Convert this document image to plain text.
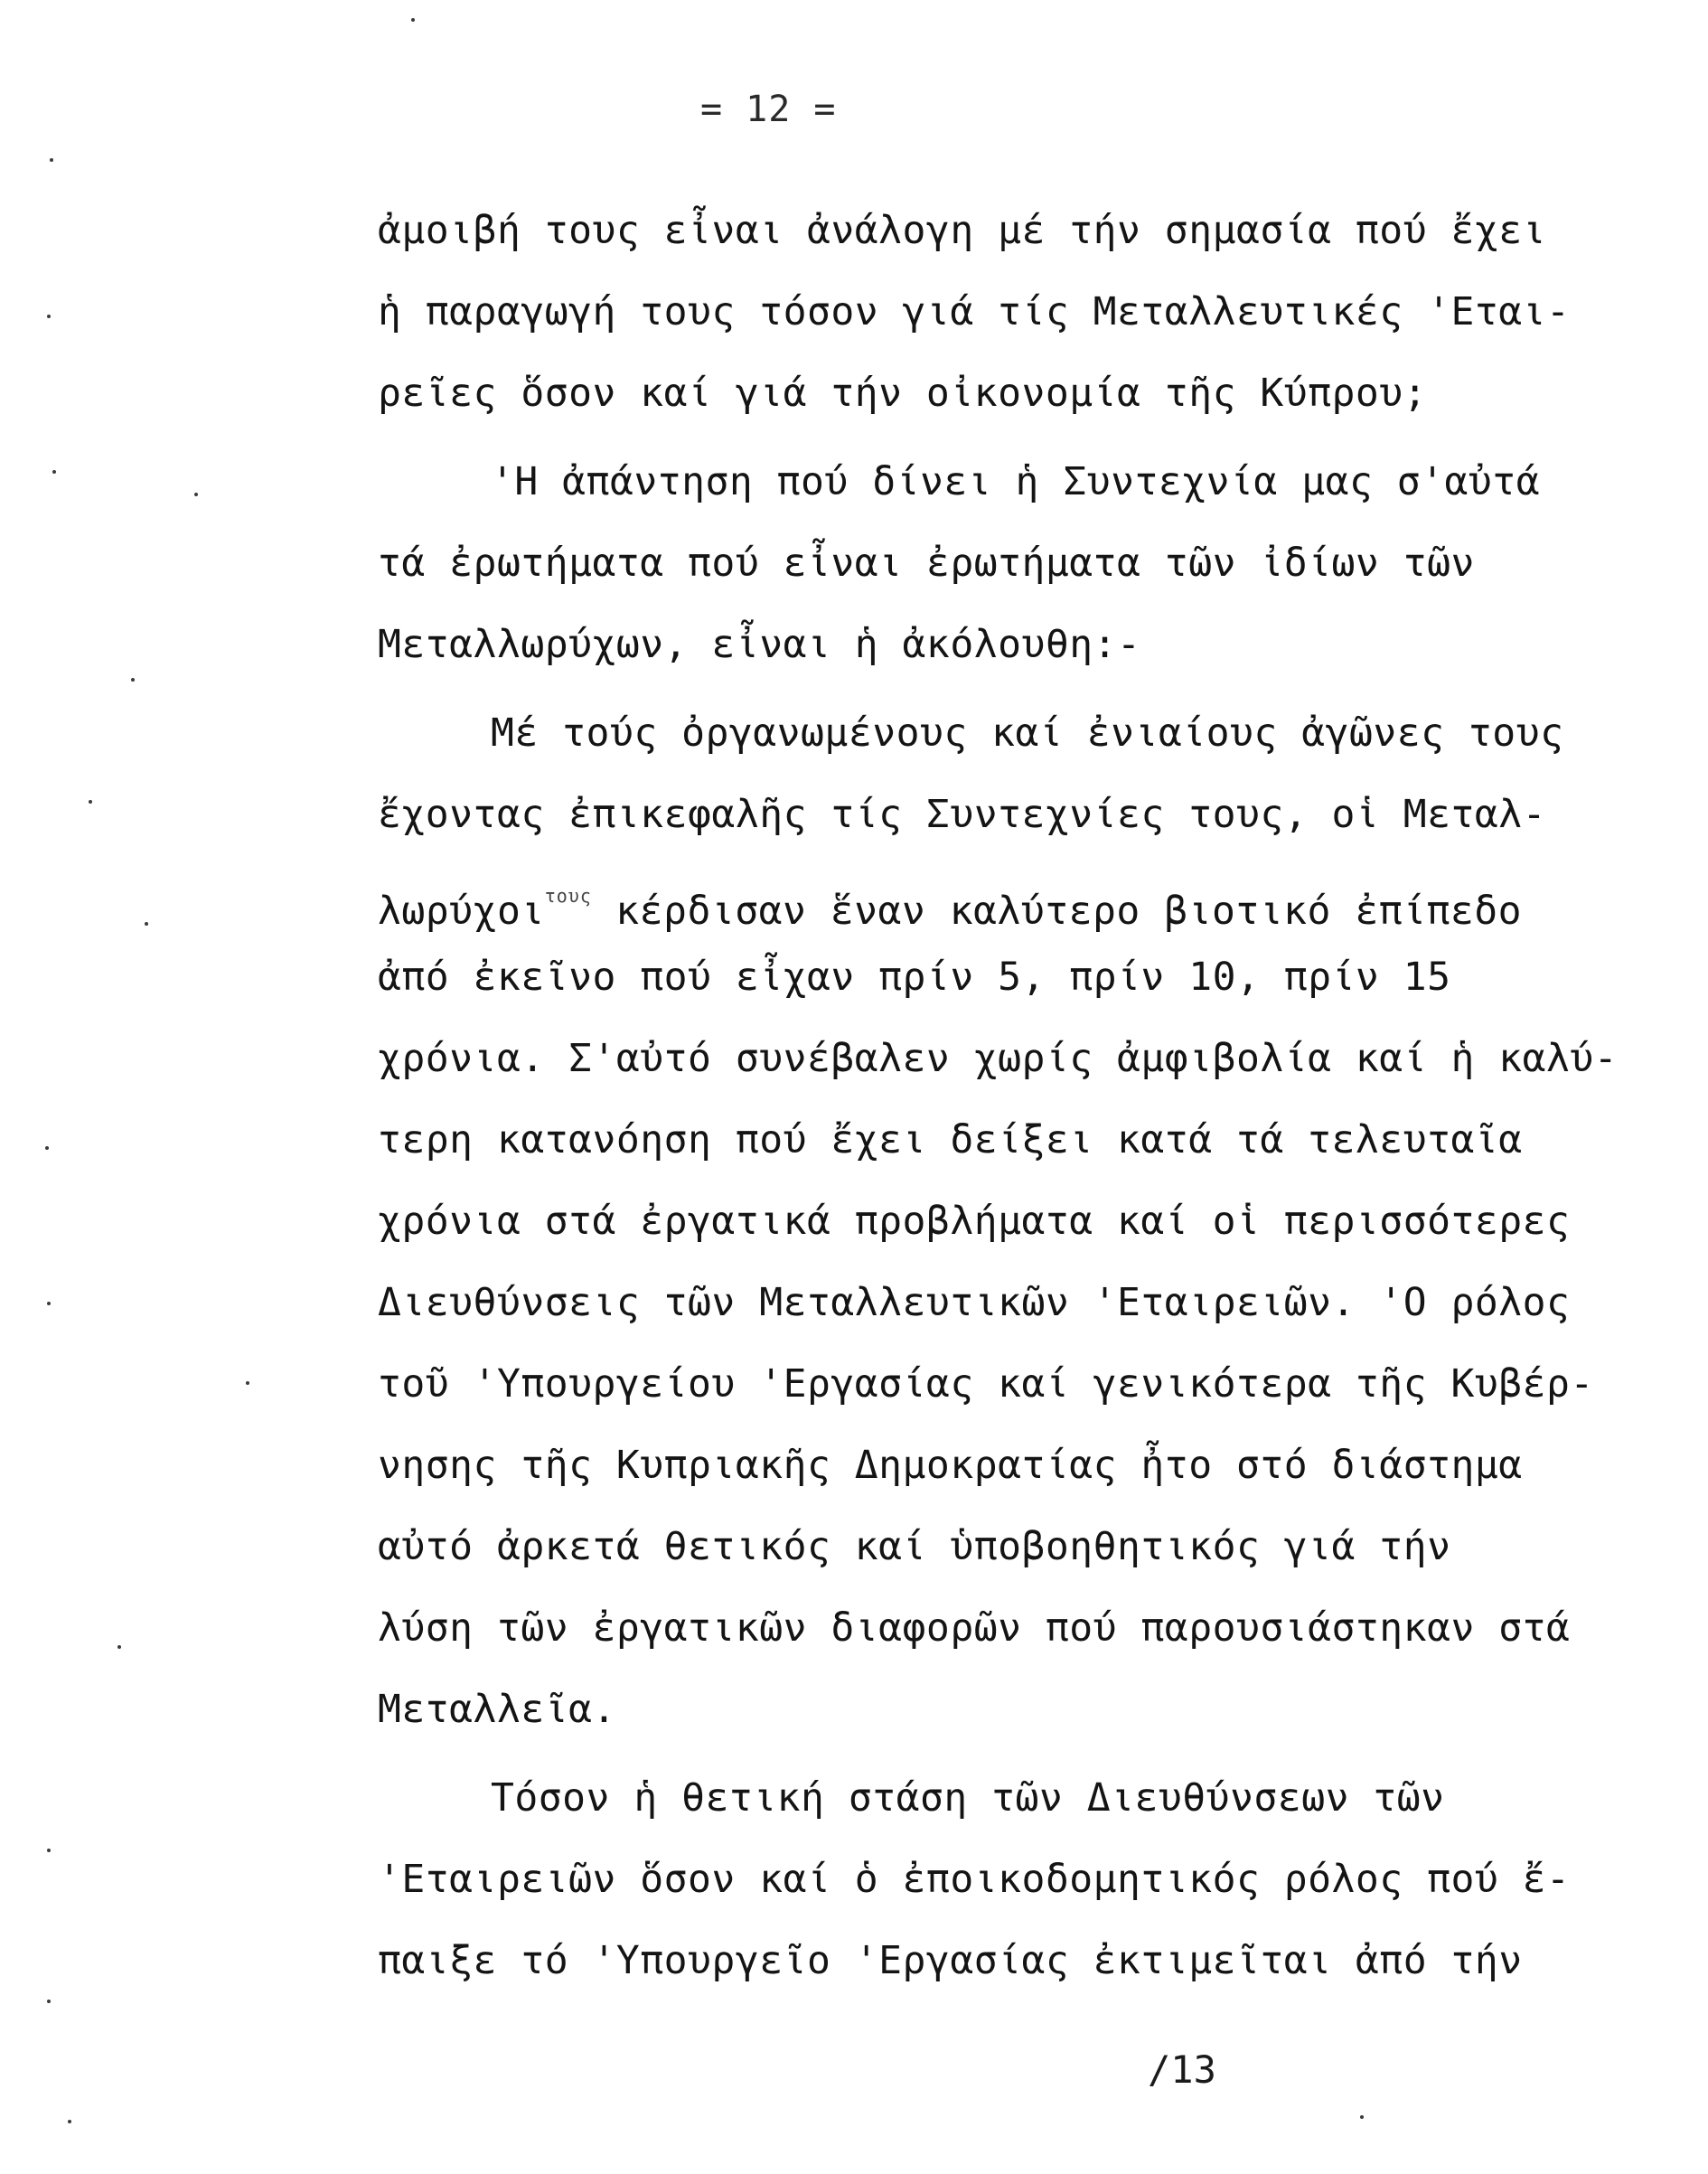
= 12 =
ἀμοιβή τους εἶναι ἀνάλογη μέ τήν σημασία πού ἔχει
ἡ παραγωγή τους τόσον γιά τίς Μεταλλευτικές 'Εται-
ρεῖες ὅσον καί γιά τήν οἰκονομία τῆς Κύπρου;
'Η ἀπάντηση πού δίνει ἡ Συντεχνία μας σ'αὐτά
τά ἐρωτήματα πού εἶναι ἐρωτήματα τῶν ἰδίων τῶν
Μεταλλωρύχων, εἶναι ἡ ἀκόλουθη:-
Μέ τούς ὀργανωμένους καί ἐνιαίους ἀγῶνες τους
ἔχοντας ἐπικεφαλῆς τίς Συντεχνίες τους, οἱ Μεταλ-
λωρύχοι$^{\tau o\upsilon\varsigma}$ κέρδισαν ἕναν καλύτερο βιοτικό ἐπίπεδο
ἀπό ἐκεῖνο πού εἶχαν πρίν 5, πρίν 10, πρίν 15
χρόνια. Σ'αὐτό συνέβαλεν χωρίς ἀμφιβολία καί ἡ καλύ-
τερη κατανόηση πού ἔχει δείξει κατά τά τελευταῖα
χρόνια στά ἐργατικά προβλήματα καί οἱ περισσότερες
Διευθύνσεις τῶν Μεταλλευτικῶν 'Εταιρειῶν. 'Ο ρόλος
τοῦ 'Υπουργείου 'Εργασίας καί γενικότερα τῆς Κυβέρ-
νησης τῆς Κυπριακῆς Δημοκρατίας ἦτο στό διάστημα
αὐτό ἀρκετά θετικός καί ὑποβοηθητικός γιά τήν
λύση τῶν ἐργατικῶν διαφορῶν πού παρουσιάστηκαν στά
Μεταλλεῖα.
Τόσον ἡ θετική στάση τῶν Διευθύνσεων τῶν
'Εταιρειῶν ὅσον καί ὁ ἐποικοδομητικός ρόλος πού ἔ-
παιξε τό 'Υπουργεῖο 'Εργασίας ἐκτιμεῖται ἀπό τήν
/13
